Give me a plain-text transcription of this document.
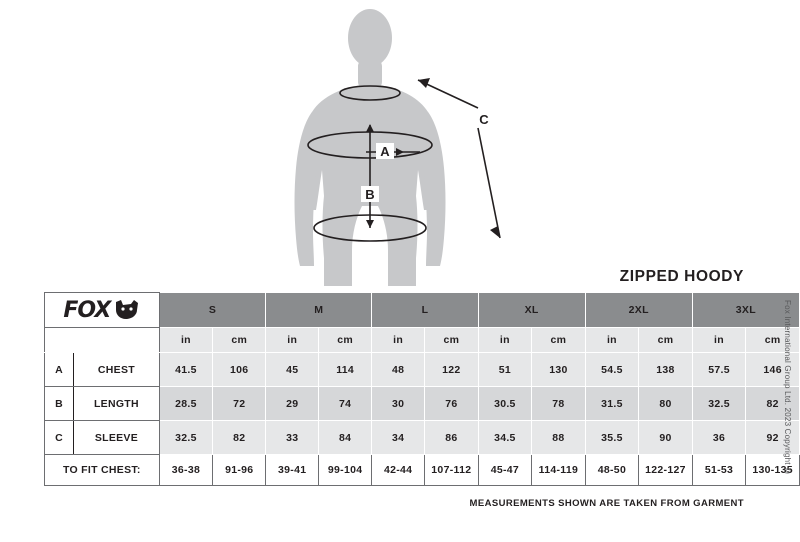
A
B
C
ZIPPED HOODY
FOX		S		M		L		XL		2XL		3XL	
		in	cm	in	cm	in	cm	in	cm	in	cm	in	cm
A	CHEST	41.5	106	45	114	48	122	51	130	54.5	138	57.5	146
B	LENGTH	28.5	72	29	74	30	76	30.5	78	31.5	80	32.5	82
C	SLEEVE	32.5	82	33	84	34	86	34.5	88	35.5	90	36	92
TO FIT CHEST:		36-38	91-96	39-41	99-104	42-44	107-112	45-47	114-119	48-50	122-127	51-53	130-135
MEASUREMENTS SHOWN ARE TAKEN FROM GARMENT
Fox International Group Ltd. 2023 Copyright ©
